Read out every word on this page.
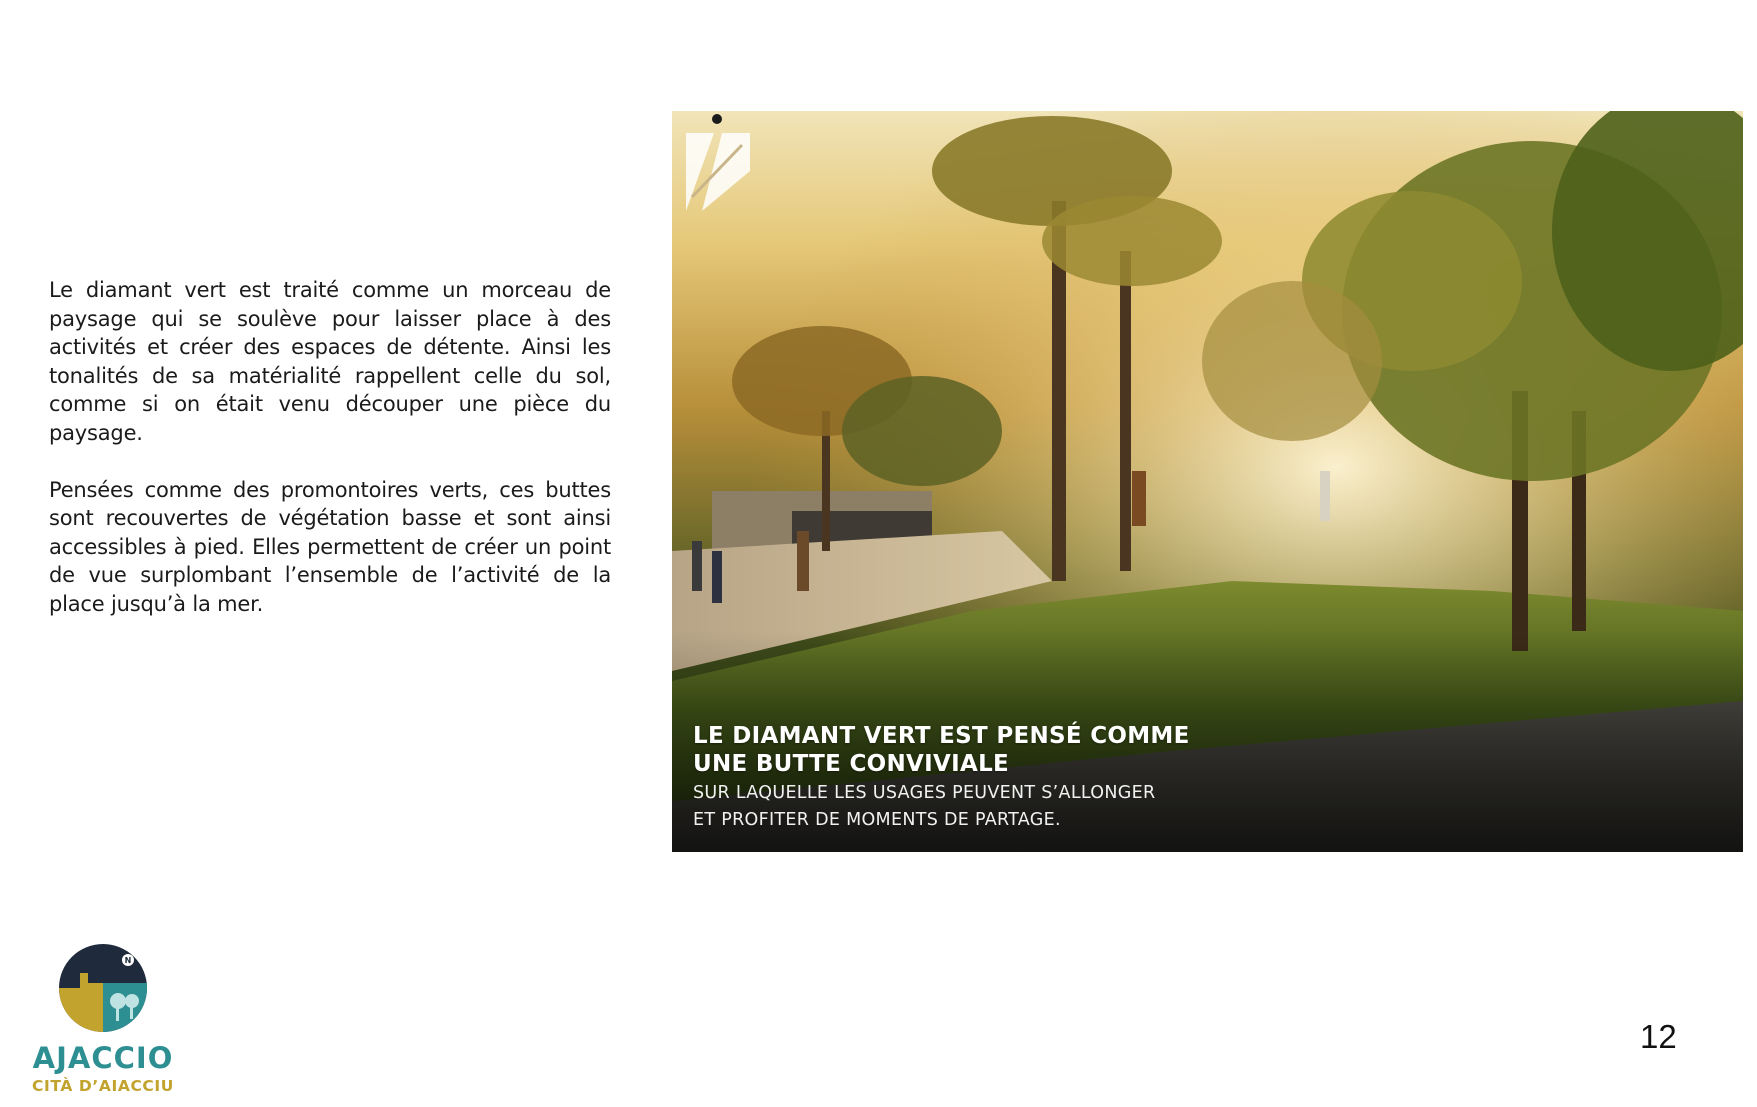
Le diamant vert est traité comme un morceau de paysage qui se soulève pour laisser place à des activités et créer des espaces de détente. Ainsi les tonalités de sa matérialité rappellent celle du sol, comme si on était venu découper une pièce du paysage.

Pensées comme des promontoires verts, ces buttes sont recouvertes de végétation basse et sont ainsi accessibles à pied. Elles permettent de créer un point de vue surplombant l’ensemble de l’activité de la place jusqu’à la mer.

LE DIAMANT VERT EST PENSÉ COMME
UNE BUTTE CONVIVIALE
SUR LAQUELLE LES USAGES PEUVENT S’ALLONGER
ET PROFITER DE MOMENTS DE PARTAGE.
N
AJACCIO
CITÀ D’AIACCIU
12
